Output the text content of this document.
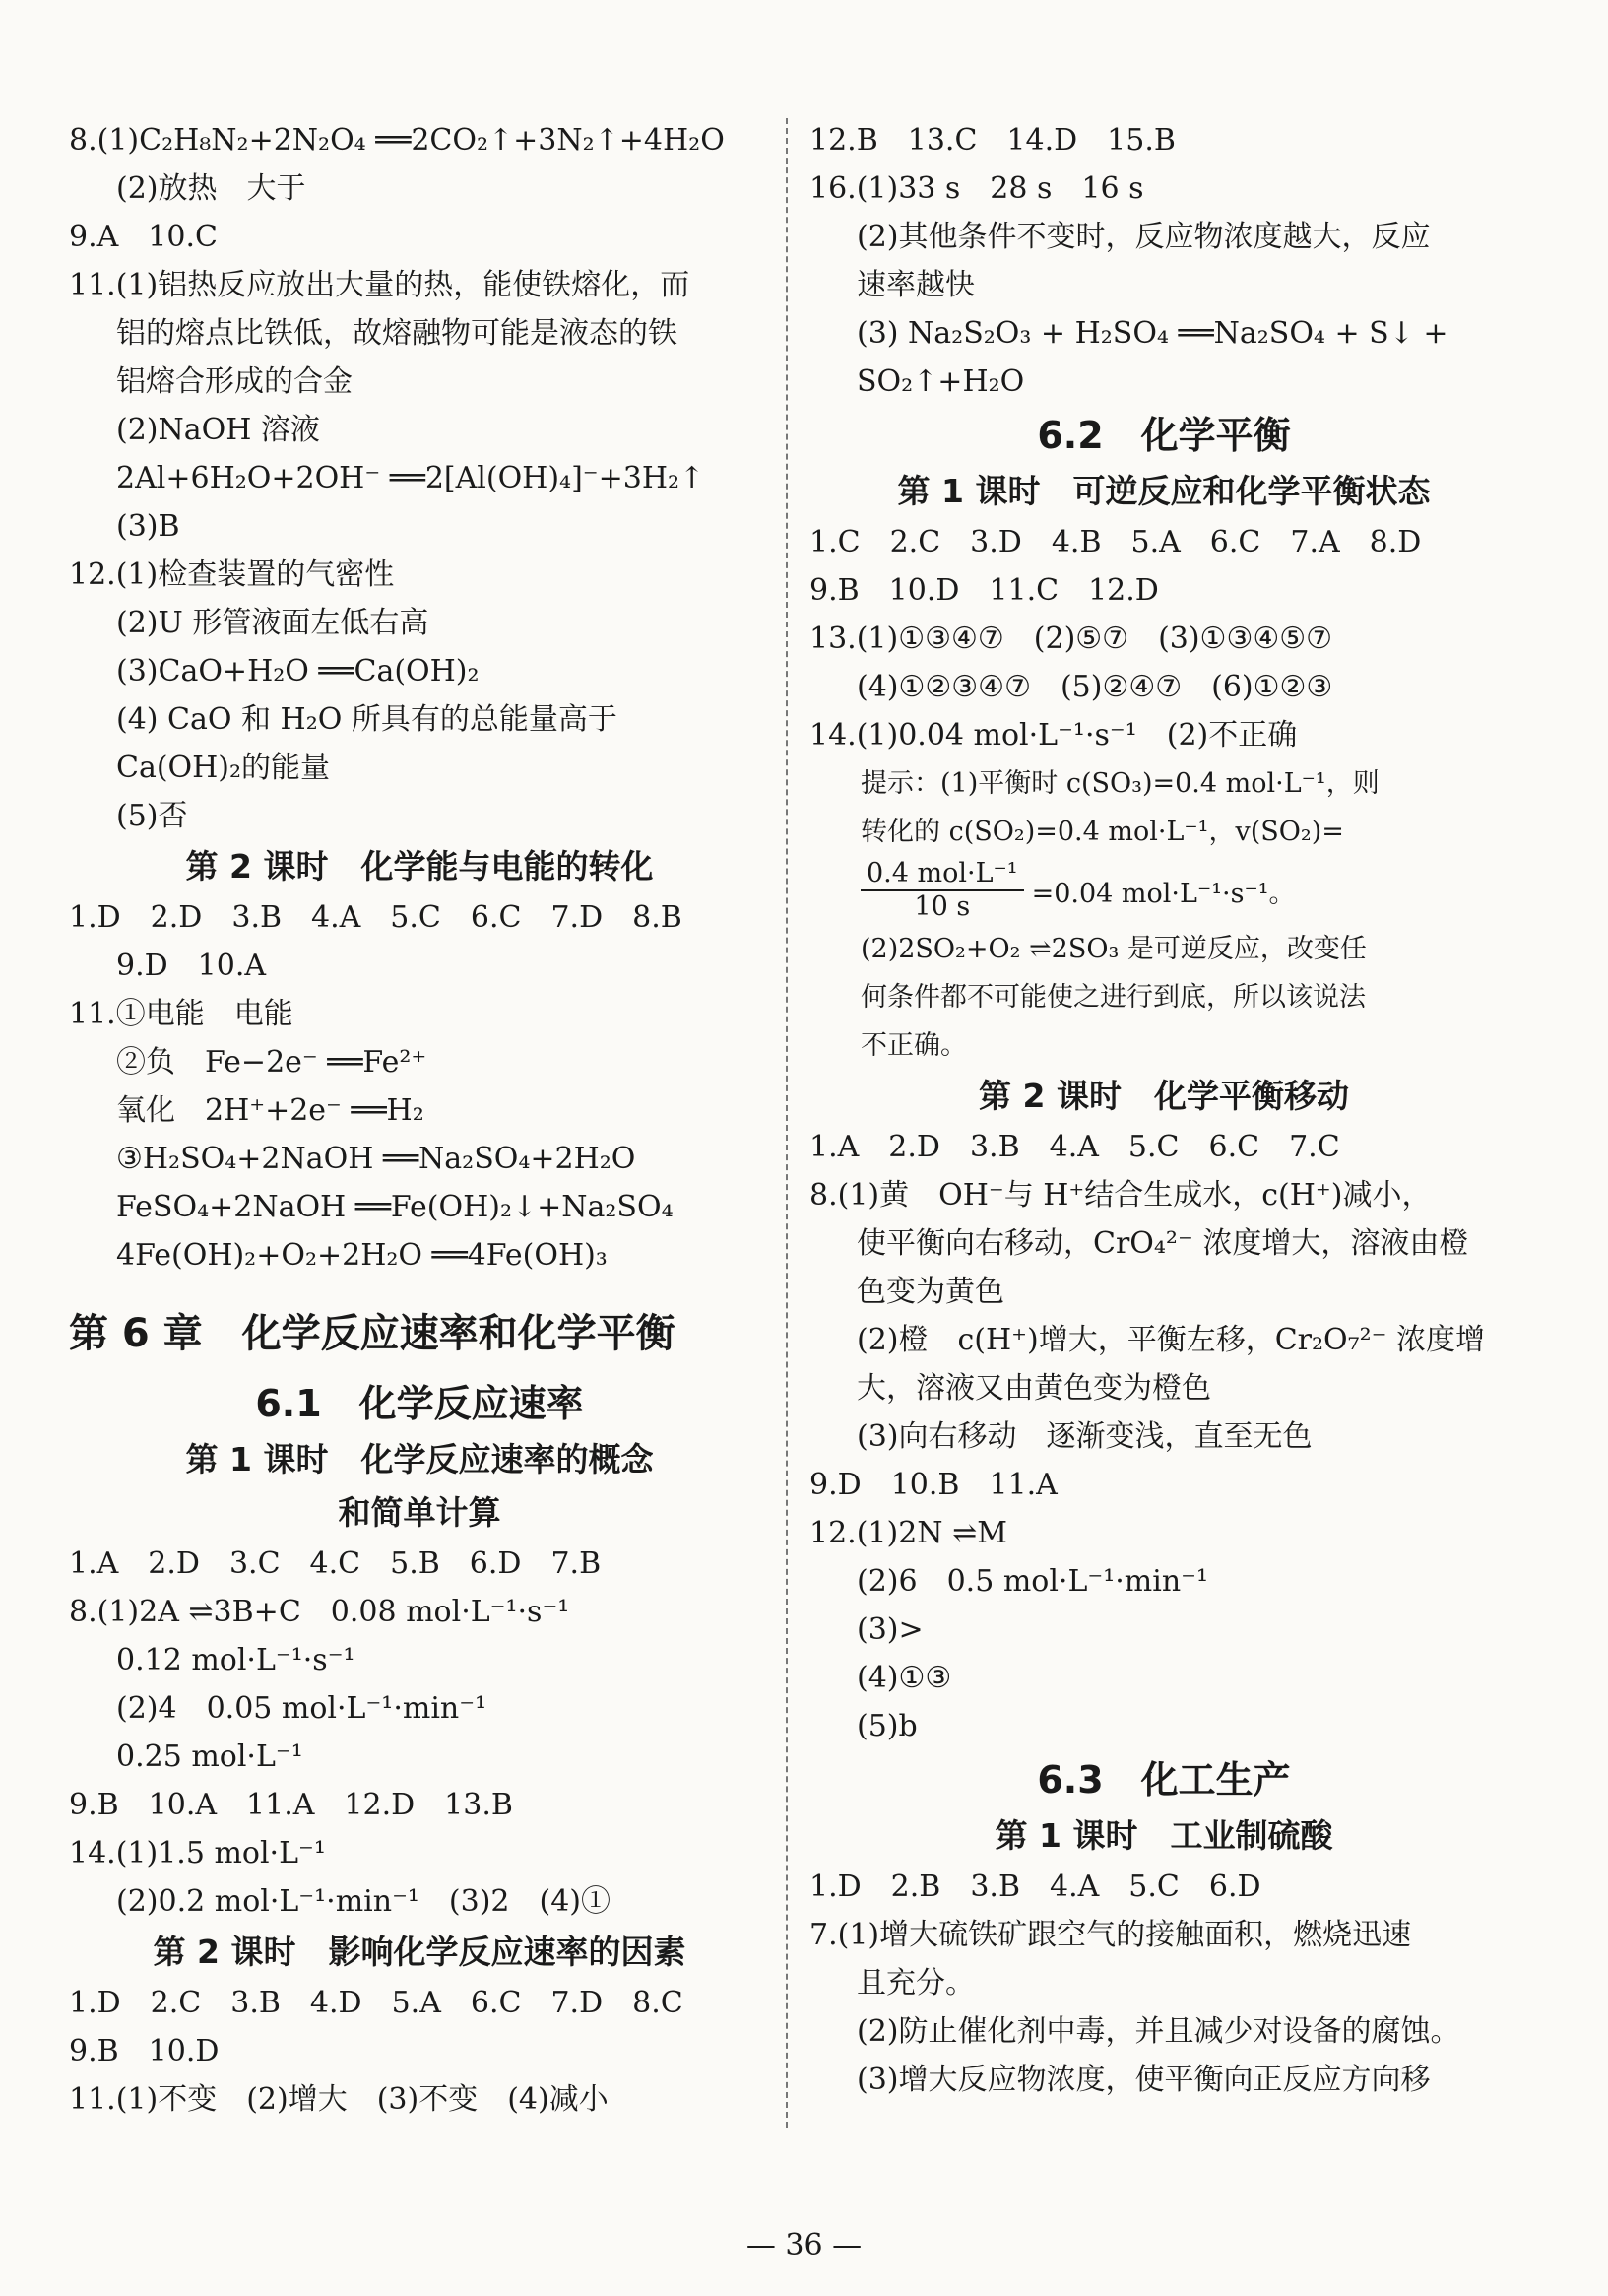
8.(1)C₂H₈N₂+2N₂O₄ ══2CO₂↑+3N₂↑+4H₂O
(2)放热　大于
9.A　10.C
11.(1)铝热反应放出大量的热，能使铁熔化，而
铝的熔点比铁低，故熔融物可能是液态的铁
铝熔合形成的合金
(2)NaOH 溶液
2Al+6H₂O+2OH⁻ ══2[Al(OH)₄]⁻+3H₂↑
(3)B
12.(1)检查装置的气密性
(2)U 形管液面左低右高
(3)CaO+H₂O ══Ca(OH)₂
(4) CaO 和 H₂O 所具有的总能量高于
Ca(OH)₂的能量
(5)否
第 2 课时　化学能与电能的转化
1.D　2.D　3.B　4.A　5.C　6.C　7.D　8.B
9.D　10.A
11.①电能　电能
②负　Fe−2e⁻ ══Fe²⁺
氧化　2H⁺+2e⁻ ══H₂
③H₂SO₄+2NaOH ══Na₂SO₄+2H₂O
FeSO₄+2NaOH ══Fe(OH)₂↓+Na₂SO₄
4Fe(OH)₂+O₂+2H₂O ══4Fe(OH)₃
第 6 章　化学反应速率和化学平衡
6.1　化学反应速率
第 1 课时　化学反应速率的概念
和简单计算
1.A　2.D　3.C　4.C　5.B　6.D　7.B
8.(1)2A ⇌3B+C　0.08 mol·L⁻¹·s⁻¹
0.12 mol·L⁻¹·s⁻¹
(2)4　0.05 mol·L⁻¹·min⁻¹
0.25 mol·L⁻¹
9.B　10.A　11.A　12.D　13.B
14.(1)1.5 mol·L⁻¹
(2)0.2 mol·L⁻¹·min⁻¹　(3)2　(4)①
第 2 课时　影响化学反应速率的因素
1.D　2.C　3.B　4.D　5.A　6.C　7.D　8.C
9.B　10.D
11.(1)不变　(2)增大　(3)不变　(4)减小
12.B　13.C　14.D　15.B
16.(1)33 s　28 s　16 s
(2)其他条件不变时，反应物浓度越大，反应
速率越快
(3) Na₂S₂O₃ + H₂SO₄ ══Na₂SO₄ + S↓ +
SO₂↑+H₂O
6.2　化学平衡
第 1 课时　可逆反应和化学平衡状态
1.C　2.C　3.D　4.B　5.A　6.C　7.A　8.D
9.B　10.D　11.C　12.D
13.(1)①③④⑦　(2)⑤⑦　(3)①③④⑤⑦
(4)①②③④⑦　(5)②④⑦　(6)①②③
14.(1)0.04 mol·L⁻¹·s⁻¹　(2)不正确
提示：(1)平衡时 c(SO₃)=0.4 mol·L⁻¹，则
转化的 c(SO₂)=0.4 mol·L⁻¹，v(SO₂)=
$\frac{\text{0.4 mol·L⁻¹}}{10 s} =0.04$ mol·L⁻¹·s⁻¹。
(2)2SO₂+O₂ ⇌2SO₃ 是可逆反应，改变任
何条件都不可能使之进行到底，所以该说法
不正确。
第 2 课时　化学平衡移动
1.A　2.D　3.B　4.A　5.C　6.C　7.C
8.(1)黄　OH⁻与 H⁺结合生成水，c(H⁺)减小，
使平衡向右移动，CrO₄²⁻ 浓度增大，溶液由橙
色变为黄色
(2)橙　c(H⁺)增大，平衡左移，Cr₂O₇²⁻ 浓度增
大，溶液又由黄色变为橙色
(3)向右移动　逐渐变浅，直至无色
9.D　10.B　11.A
12.(1)2N ⇌M
(2)6　0.5 mol·L⁻¹·min⁻¹
(3)>
(4)①③
(5)b
6.3　化工生产
第 1 课时　工业制硫酸
1.D　2.B　3.B　4.A　5.C　6.D
7.(1)增大硫铁矿跟空气的接触面积，燃烧迅速
且充分。
(2)防止催化剂中毒，并且减少对设备的腐蚀。
(3)增大反应物浓度，使平衡向正反应方向移
— 36 —
